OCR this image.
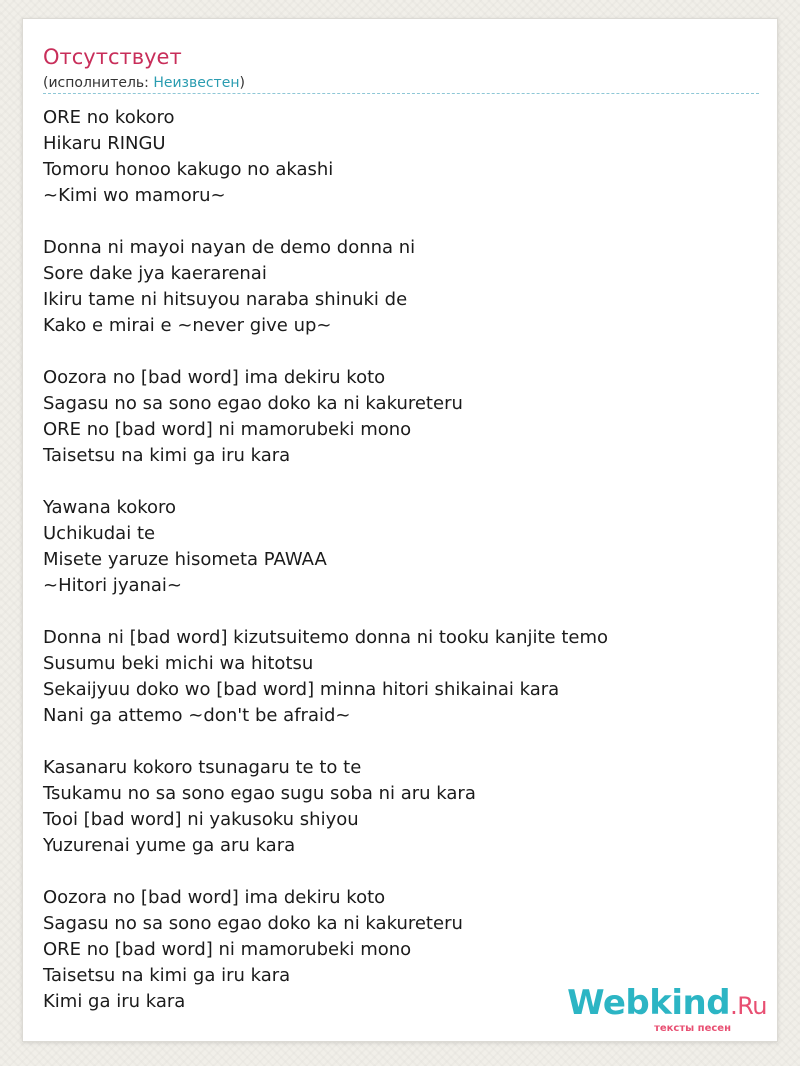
Отсутствует
(исполнитель: Неизвестен)
ORE no kokoro
Hikaru RINGU
Tomoru honoo kakugo no akashi
~Kimi wo mamoru~
Donna ni mayoi nayan de demo donna ni
Sore dake jya kaerarenai
Ikiru tame ni hitsuyou naraba shinuki de
Kako e mirai e ~never give up~
Oozora no [bad word] ima dekiru koto
Sagasu no sa sono egao doko ka ni kakureteru
ORE no [bad word] ni mamorubeki mono
Taisetsu na kimi ga iru kara
Yawana kokoro
Uchikudai te
Misete yaruze hisometa PAWAA
~Hitori jyanai~
Donna ni [bad word] kizutsuitemo donna ni tooku kanjite temo
Susumu beki michi wa hitotsu
Sekaijyuu doko wo [bad word] minna hitori shikainai kara
Nani ga attemo ~don't be afraid~
Kasanaru kokoro tsunagaru te to te
Tsukamu no sa sono egao sugu soba ni aru kara
Tooi [bad word] ni yakusoku shiyou
Yuzurenai yume ga aru kara
Oozora no [bad word] ima dekiru koto
Sagasu no sa sono egao doko ka ni kakureteru
ORE no [bad word] ni mamorubeki mono
Taisetsu na kimi ga iru kara
Kimi ga iru kara	Webkind.Ru
тексты песен
